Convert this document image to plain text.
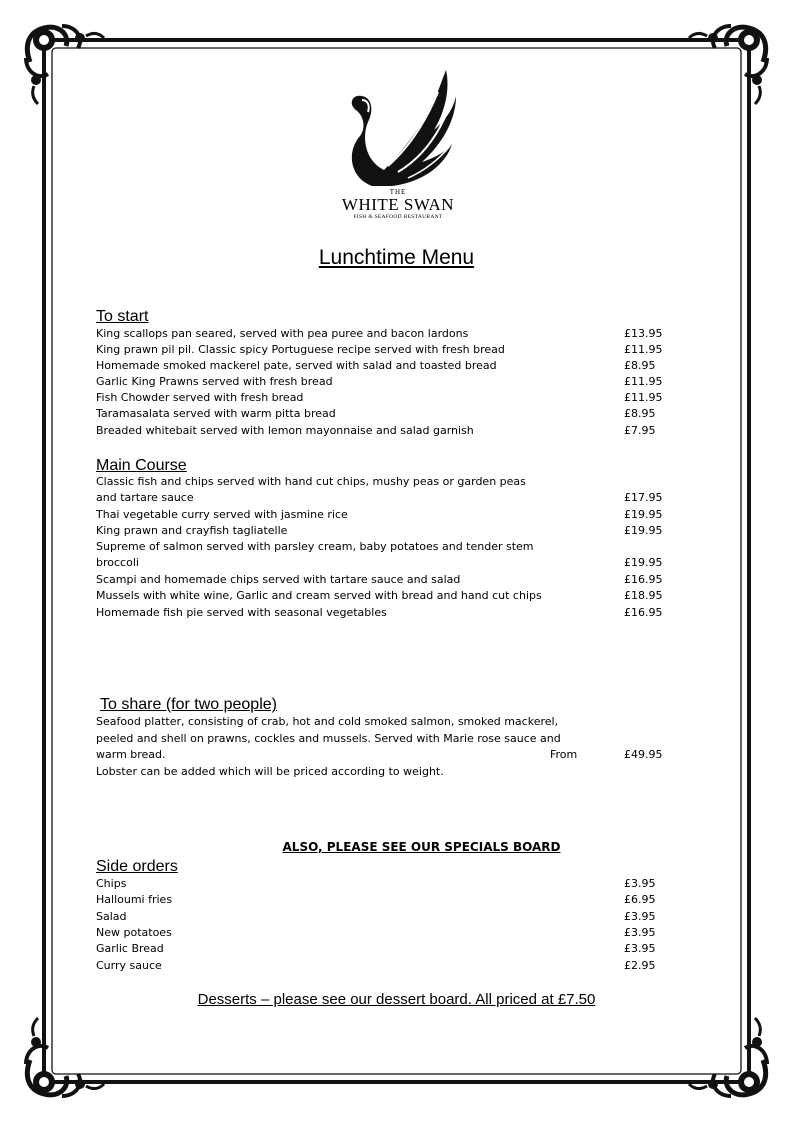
THE
WHITE SWAN
FISH & SEAFOOD RESTAURANT
Lunchtime Menu
To start
King scallops pan seared, served with pea puree and bacon lardons	£13.95
King prawn pil pil. Classic spicy Portuguese recipe served with fresh bread	£11.95
Homemade smoked mackerel pate, served with salad and toasted bread	£8.95
Garlic King Prawns served with fresh bread	£11.95
Fish Chowder served with fresh bread	£11.95
Taramasalata served with warm pitta bread	£8.95
Breaded whitebait served with lemon mayonnaise and salad garnish	£7.95
Main Course
Classic fish and chips served with hand cut chips, mushy peas or garden peas
and tartare sauce	£17.95
Thai vegetable curry served with jasmine rice	£19.95
King prawn and crayfish tagliatelle	£19.95
Supreme of salmon served with parsley cream, baby potatoes and tender stem
broccoli	£19.95
Scampi and homemade chips served with tartare sauce and salad	£16.95
Mussels with white wine, Garlic and cream served with bread and hand cut chips	£18.95
Homemade fish pie served with seasonal vegetables	£16.95
To share (for two people)
Seafood platter, consisting of crab, hot and cold smoked salmon, smoked mackerel,
peeled and shell on prawns, cockles and mussels. Served with Marie rose sauce and
warm bread.	From	£49.95
Lobster can be added which will be priced according to weight.
ALSO, PLEASE SEE OUR SPECIALS BOARD
Side orders
Chips	£3.95
Halloumi fries	£6.95
Salad	£3.95
New potatoes	£3.95
Garlic Bread	£3.95
Curry sauce	£2.95
Desserts – please see our dessert board. All priced at £7.50
